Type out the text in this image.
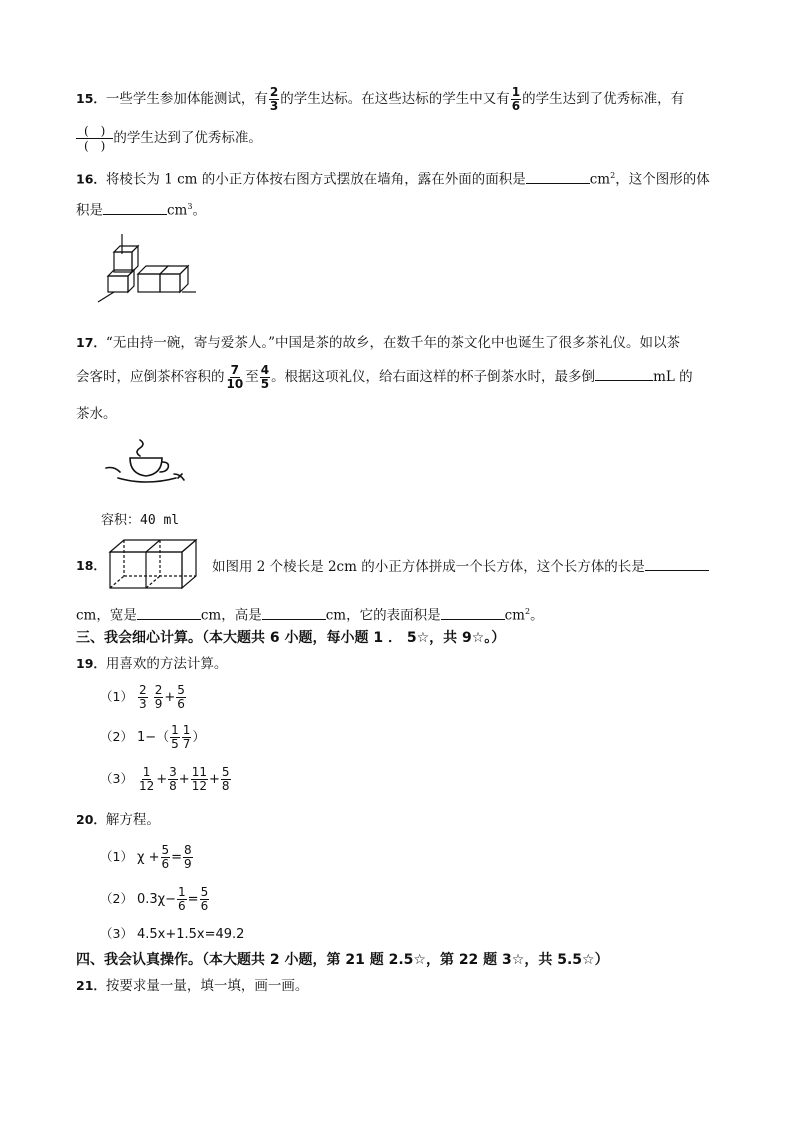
15．一些学生参加体能测试，有 $\frac{2}{3}$ 的学生达标。在这些达标的学生中又有 $\frac{1}{6}$ 的学生达到了优秀标准，有
$\frac{( )}{( )}$ 的学生达到了优秀标准。
16．将棱长为 1 cm 的小正方体按右图方式摆放在墙角，露在外面的面积是	$cm^2$，这个图形的体
积是	$cm^3$。
17．“无由持一碗，寄与爱茶人。”中国是茶的故乡，在数千年的茶文化中也诞生了很多茶礼仪。如以茶
会客时，应倒茶杯容积的 $\frac{7}{10}$ 至 $\frac{4}{5}$ 。根据这项礼仪，给右面这样的杯子倒茶水时，最多倒	mL 的
茶水。
容积：40 ml
18．	如图用 2 个棱长是 2cm 的小正方体拼成一个长方体，这个长方体的长是
cm，宽是	cm，高是	cm，它的表面积是	$cm^2$。
三、我会细心计算。（本大题共 6 小题，每小题 1 ． 5☆，共 9☆。）
19．用喜欢的方法计算。
$(1) \frac{2}{3}$
$\frac{2}{9} + \frac{5}{6}$
（2） $1-( \frac{1}{5} \frac{1}{7}$ ）
$(3) \frac{1}{12} + \frac{3}{8} + \frac{11}{12} + \frac{5}{8}$
20．解方程。
（1） $\chi + \frac{5}{6} = \frac{8}{9}$
（2） $0.3\chi- \frac{1}{6} = \frac{5}{6}$
（3） 4.5x+1.5x=49.2
四、我会认真操作。（本大题共 2 小题，第 21 题 2.5☆，第 22 题 3☆，共 5.5☆）
21．按要求量一量，填一填，画一画。
